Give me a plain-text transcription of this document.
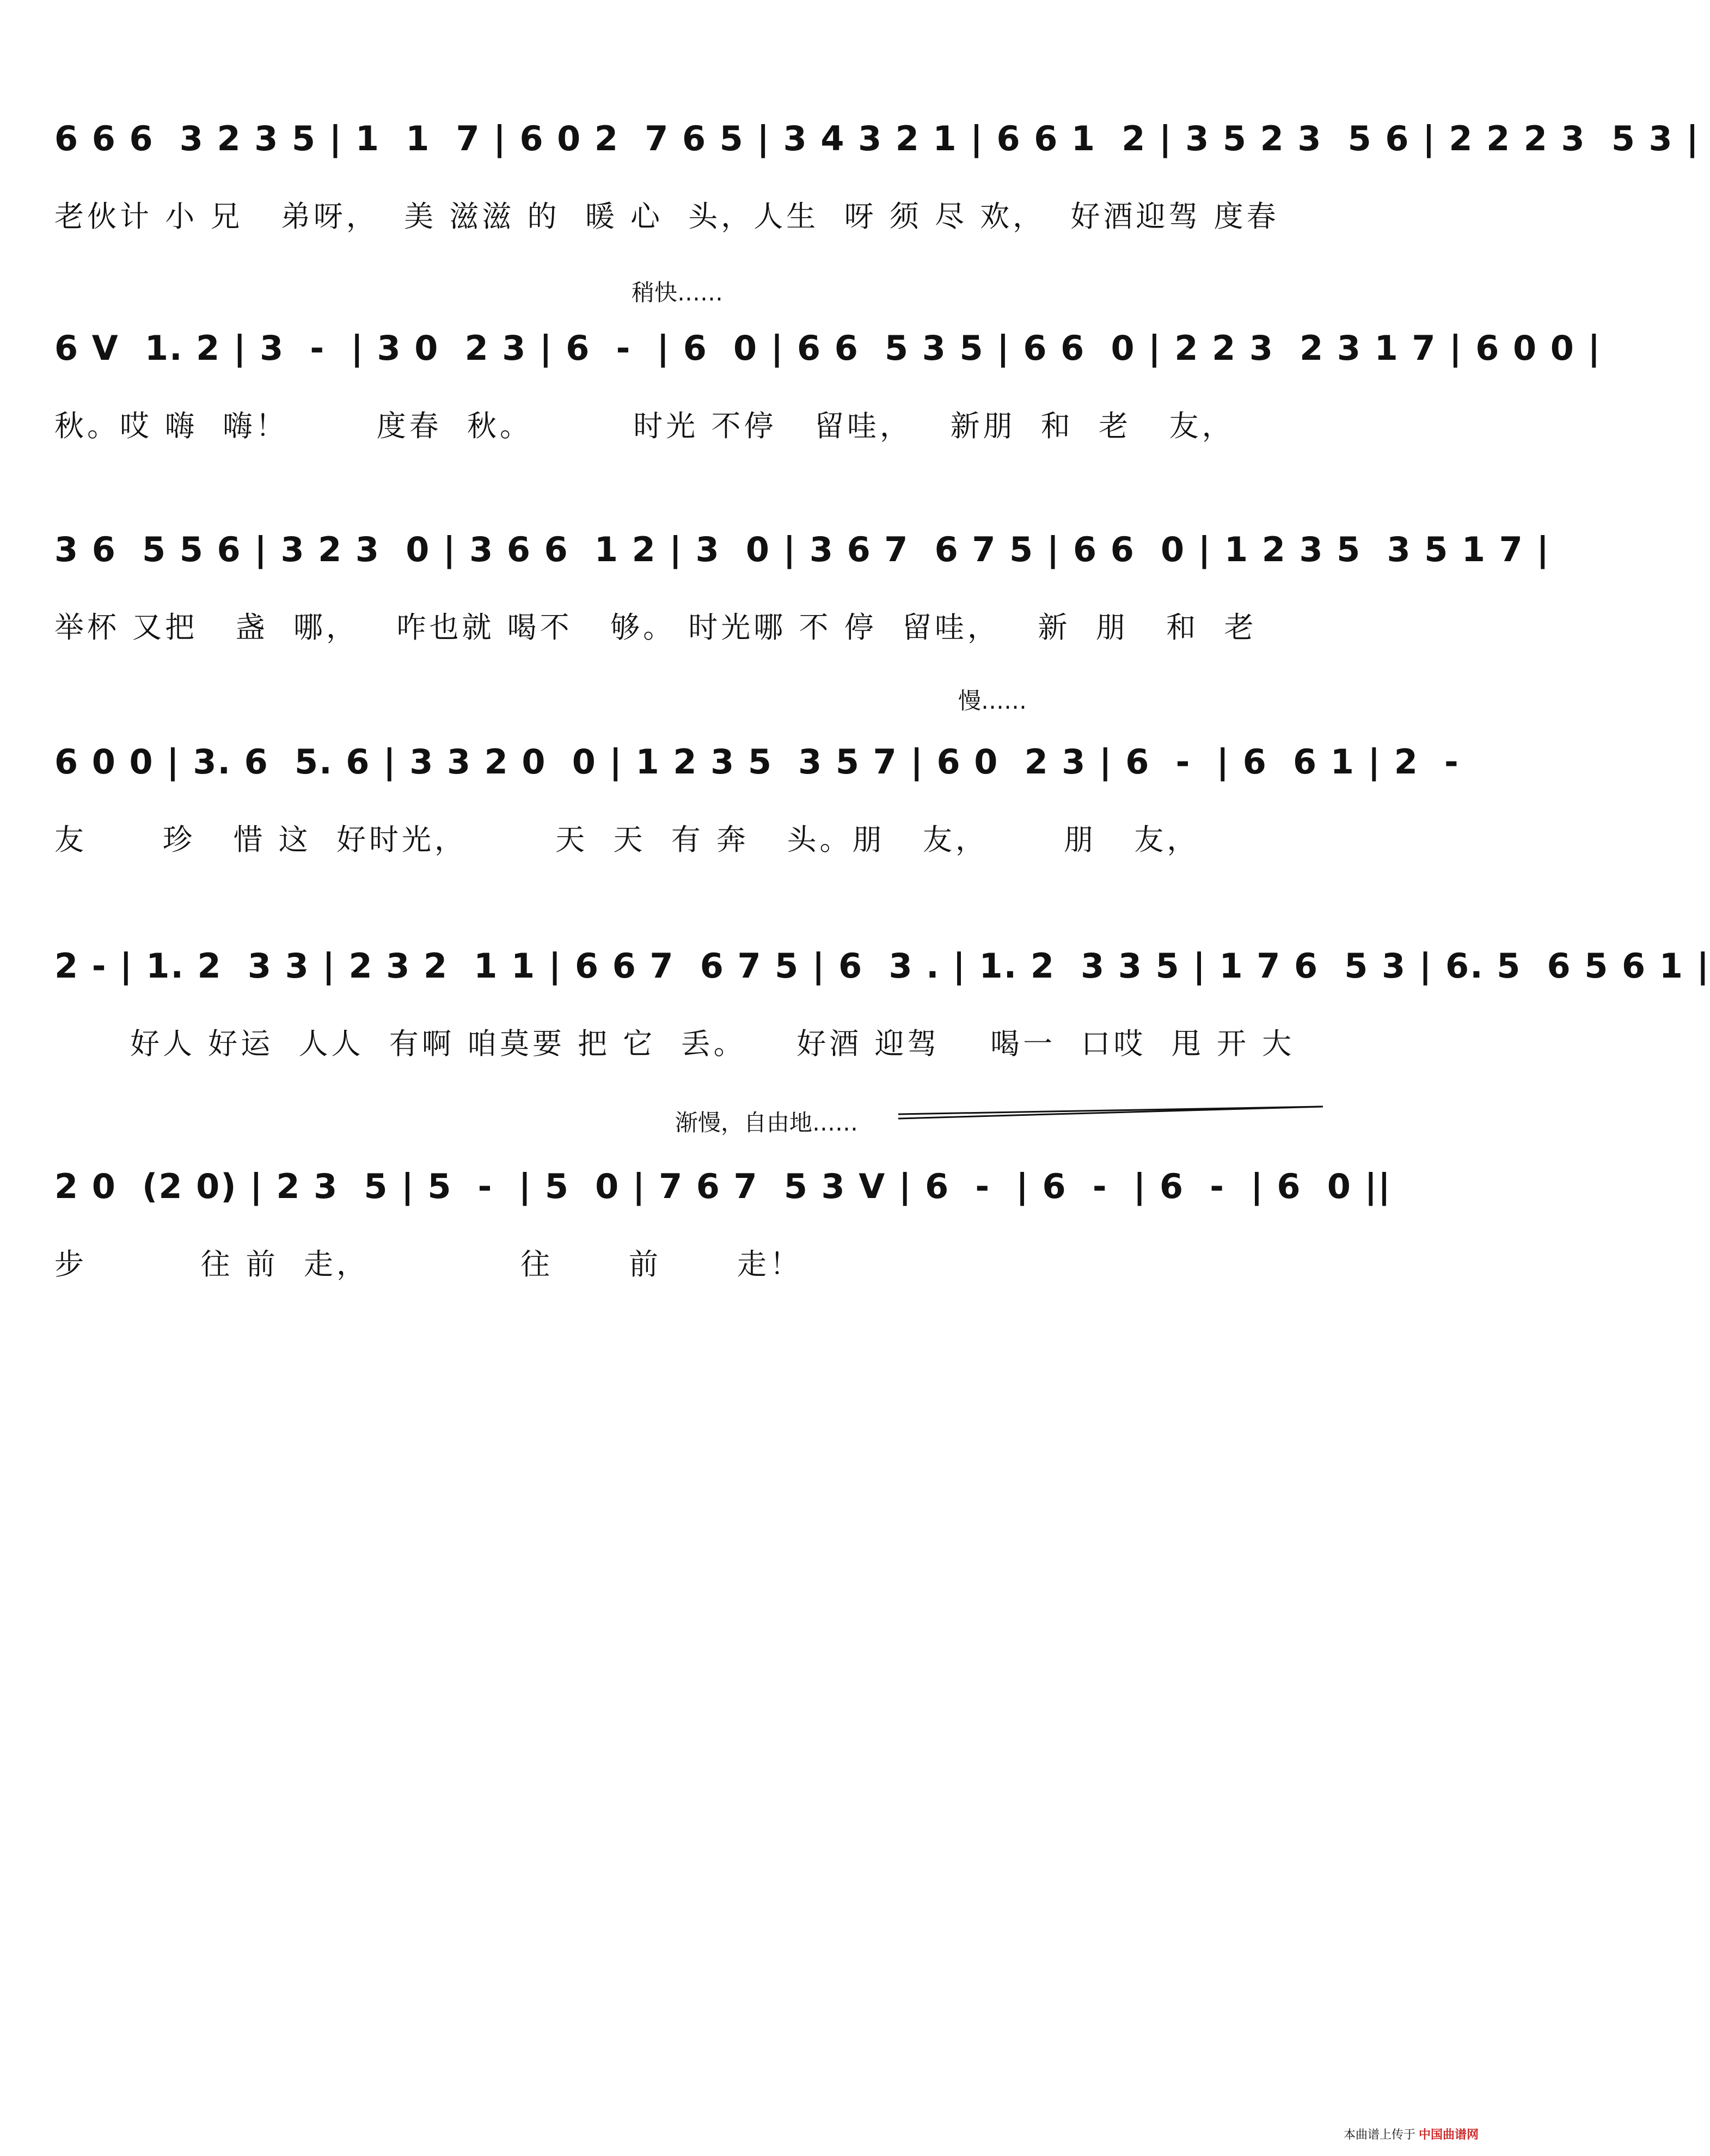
6 6 6  3 2 3 5 | 1  1  7 | 6 0 2  7 6 5 | 3 4 3 2 1 | 6 6 1  2 | 3 5 2 3  5 6 | 2 2 2 3  5 3 |
老伙计 小 兄   弟呀，  美 滋滋 的  暖 心  头，人生  呀 须 尽 欢，  好酒迎驾 度春
稍快……
6 V  1. 2 | 3  -  | 3 0  2 3 | 6  -  | 6  0 | 6 6  5 3 5 | 6 6  0 | 2 2 3  2 3 1 7 | 6 0 0 |
秋。哎 嗨  嗨！       度春  秋。        时光 不停   留哇，   新朋  和  老   友，
3 6  5 5 6 | 3 2 3  0 | 3 6 6  1 2 | 3  0 | 3 6 7  6 7 5 | 6 6  0 | 1 2 3 5  3 5 1 7 |
举杯 又把   盏  哪，   咋也就 喝不   够。 时光哪 不 停  留哇，   新  朋   和  老
慢……
6 0 0 | 3. 6  5. 6 | 3 3 2 0  0 | 1 2 3 5  3 5 7 | 6 0  2 3 | 6  -  | 6  6 1 | 2  -
友      珍   惜 这  好时光，       天  天  有 奔   头。朋   友，      朋   友，
2 - | 1. 2  3 3 | 2 3 2  1 1 | 6 6 7  6 7 5 | 6  3 . | 1. 2  3 3 5 | 1 7 6  5 3 | 6. 5  6 5 6 1 |
好人 好运  人人  有啊 咱莫要 把 它  丢。    好酒 迎驾    喝一  口哎  甩 开 大
渐慢，自由地……
2 0  (2 0) | 2 3  5 | 5  -  | 5  0 | 7 6 7  5 3 V | 6  -  | 6  -  | 6  -  | 6  0 ||
步         往 前  走，            往      前      走！

本曲谱上传于 中国曲谱网
